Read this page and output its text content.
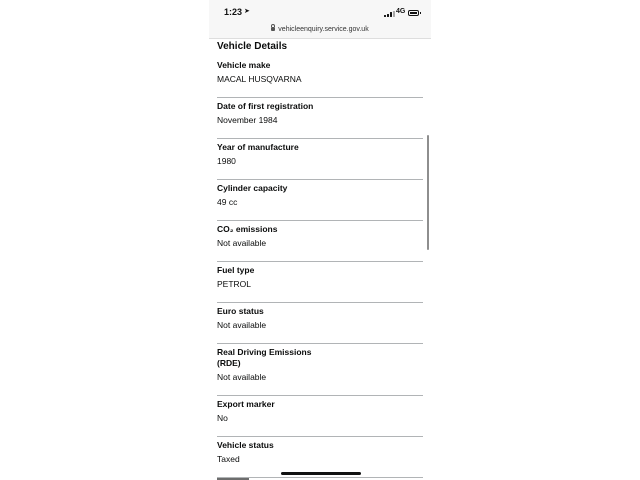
1:23 ➤	4G
vehicleenquiry.service.gov.uk
Vehicle Details
Vehicle make
MACAL HUSQVARNA
Date of first registration
November 1984
Year of manufacture
1980
Cylinder capacity
49 cc
CO₂ emissions
Not available
Fuel type
PETROL
Euro status
Not available
Real Driving Emissions (RDE)
Not available
Export marker
No
Vehicle status
Taxed
